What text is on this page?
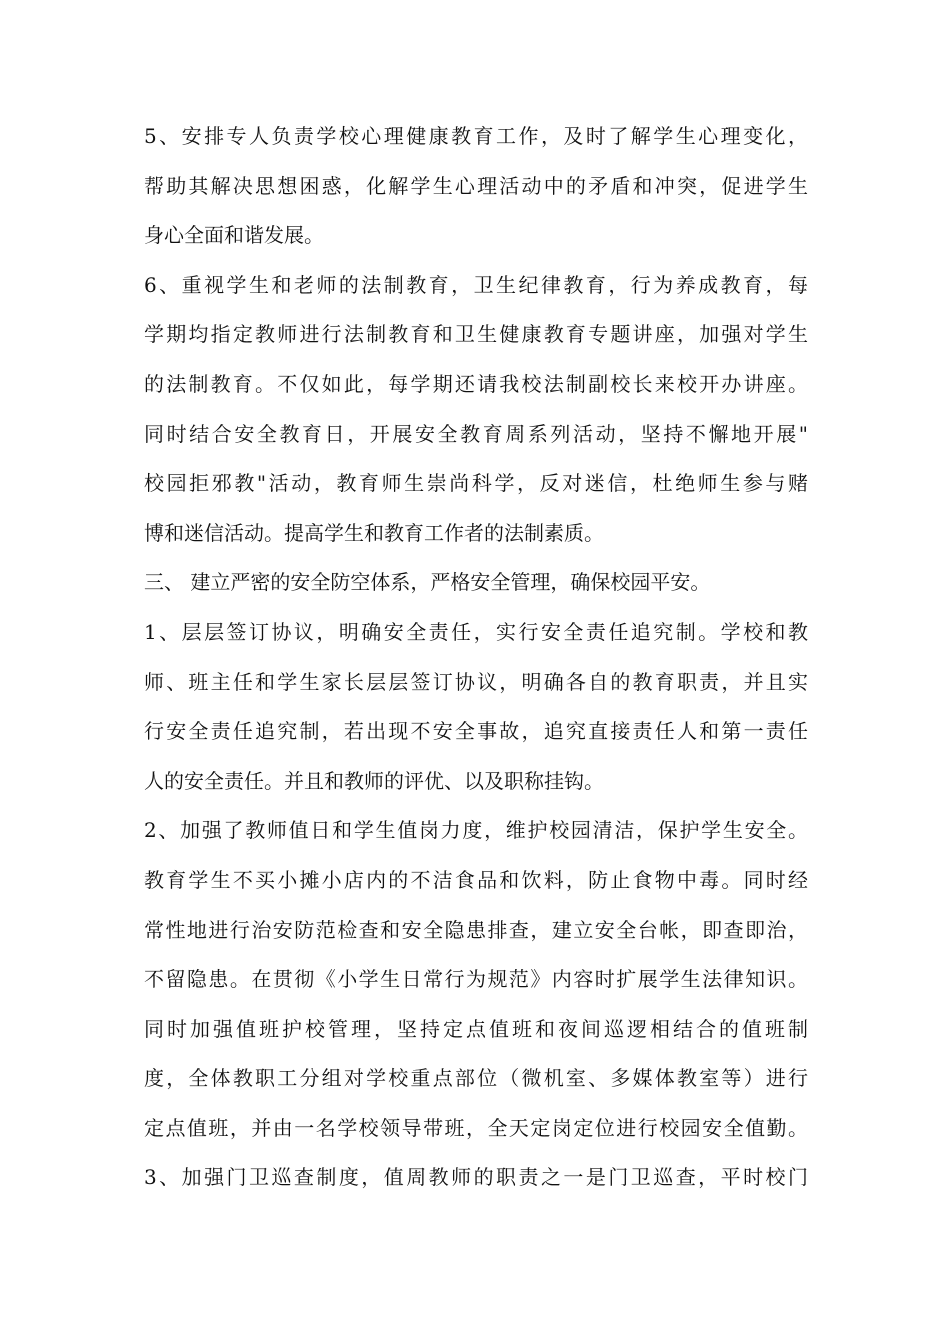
5、安排专人负责学校心理健康教育工作，及时了解学生心理变化，
帮助其解决思想困惑，化解学生心理活动中的矛盾和冲突，促进学生
身心全面和谐发展。
6、重视学生和老师的法制教育，卫生纪律教育，行为养成教育，每
学期均指定教师进行法制教育和卫生健康教育专题讲座，加强对学生
的法制教育。不仅如此，每学期还请我校法制副校长来校开办讲座。
同时结合安全教育日，开展安全教育周系列活动，坚持不懈地开展"
校园拒邪教"活动，教育师生崇尚科学，反对迷信，杜绝师生参与赌
博和迷信活动。提高学生和教育工作者的法制素质。
三、 建立严密的安全防空体系，严格安全管理，确保校园平安。
1、层层签订协议，明确安全责任，实行安全责任追究制。学校和教
师、班主任和学生家长层层签订协议，明确各自的教育职责，并且实
行安全责任追究制，若出现不安全事故，追究直接责任人和第一责任
人的安全责任。并且和教师的评优、以及职称挂钩。
2、加强了教师值日和学生值岗力度，维护校园清洁，保护学生安全。
教育学生不买小摊小店内的不洁食品和饮料，防止食物中毒。同时经
常性地进行治安防范检查和安全隐患排查，建立安全台帐，即查即治，
不留隐患。在贯彻《小学生日常行为规范》内容时扩展学生法律知识。
同时加强值班护校管理，坚持定点值班和夜间巡逻相结合的值班制
度，全体教职工分组对学校重点部位（微机室、多媒体教室等）进行
定点值班，并由一名学校领导带班，全天定岗定位进行校园安全值勤。
3、加强门卫巡查制度，值周教师的职责之一是门卫巡查，平时校门
